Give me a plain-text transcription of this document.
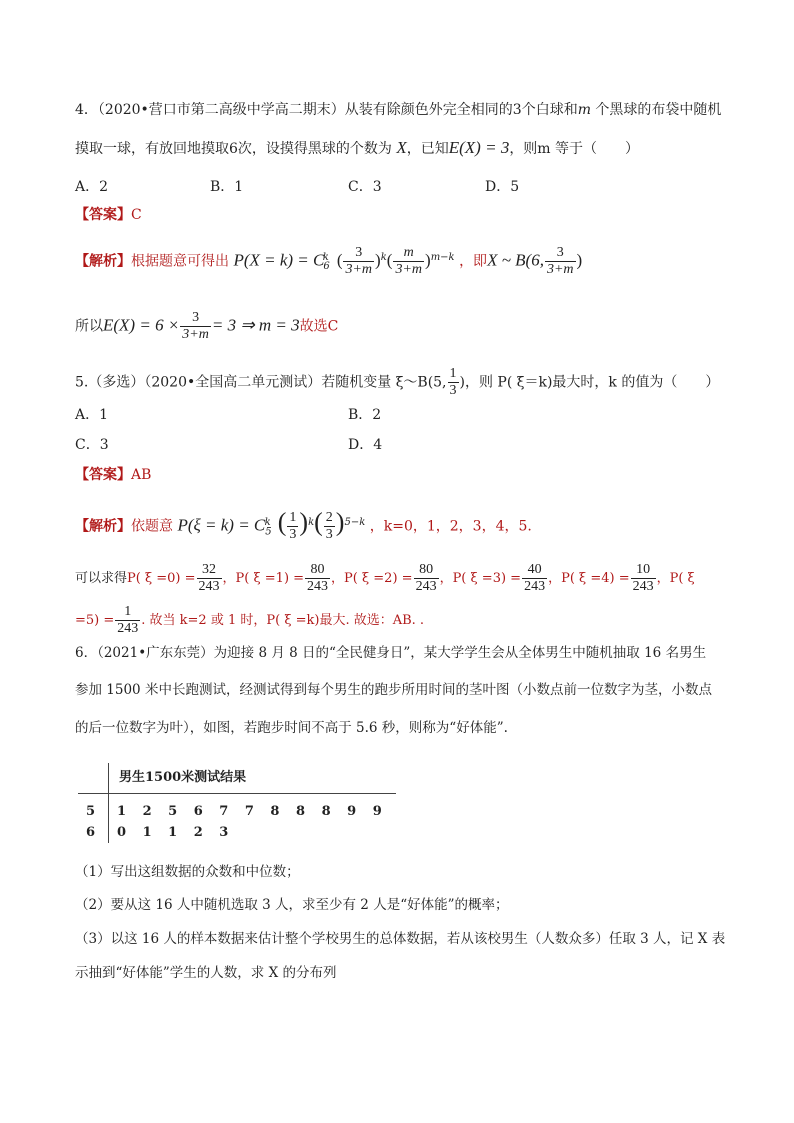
4．（2020•营口市第二高级中学高二期末）从装有除颜色外完全相同的3个白球和m 个黑球的布袋中随机
摸取一球，有放回地摸取6次，设摸得黑球的个数为 X，已知E(X) = 3，则m 等于（　　）
A．2	B．1	C．3	D．5
【答案】C
【解析】根据题意可得出 $P(X = k) = C_6^k$ ( $\frac{3}{3+m} )^k( \frac{m}{3+m} )^{m-k}$ ，即X ~ B(6, $\frac{3}{3+m}$ )
所以$E(X) = 6 \times \frac{3}{3+m} = 3$ ⇒ m = 3故选C
5.（多选）（2020•全国高二单元测试）若随机变量 ξ～B(5, $\frac{1}{3}$ )，则 P( ξ＝k)最大时，k 的值为（　　）
A．1	B．2
C．3	D．4
【答案】AB
【解析】依题意 $P(\xi = k) = C_5^k$ ( $\frac{1}{3} )^k( \frac{2}{3} )^{5-k}$ ，k=0，1，2，3，4，5.
可以求得P( $\xi =0) = \frac{32}{243}$ ，P( $\xi =1) = \frac{80}{243}$ ，P( $\xi =2) = \frac{80}{243}$ ，P( $\xi =3) = \frac{40}{243}$ ，P( $\xi =4) = \frac{10}{243}$ ，P( ξ
$=5) = \frac{1}{243}$ . 故当 k=2 或 1 时，P( ξ =k)最大. 故选：AB. .
6．（2021•广东东莞）为迎接 8 月 8 日的“全民健身日”，某大学学生会从全体男生中随机抽取 16 名男生
参加 1500 米中长跑测试，经测试得到每个男生的跑步所用时间的茎叶图（小数点前一位数字为茎，小数点
的后一位数字为叶），如图，若跑步时间不高于 5.6 秒，则称为“好体能”.
	男生1500米测试结果
5	1 2 5 6 7 7 8 8 8 9 9
6	0 1 1 2 3
（1）写出这组数据的众数和中位数；
（2）要从这 16 人中随机选取 3 人，求至少有 2 人是“好体能”的概率；
（3）以这 16 人的样本数据来估计整个学校男生的总体数据，若从该校男生（人数众多）任取 3 人，记 X 表
示抽到“好体能”学生的人数，求 X 的分布列
